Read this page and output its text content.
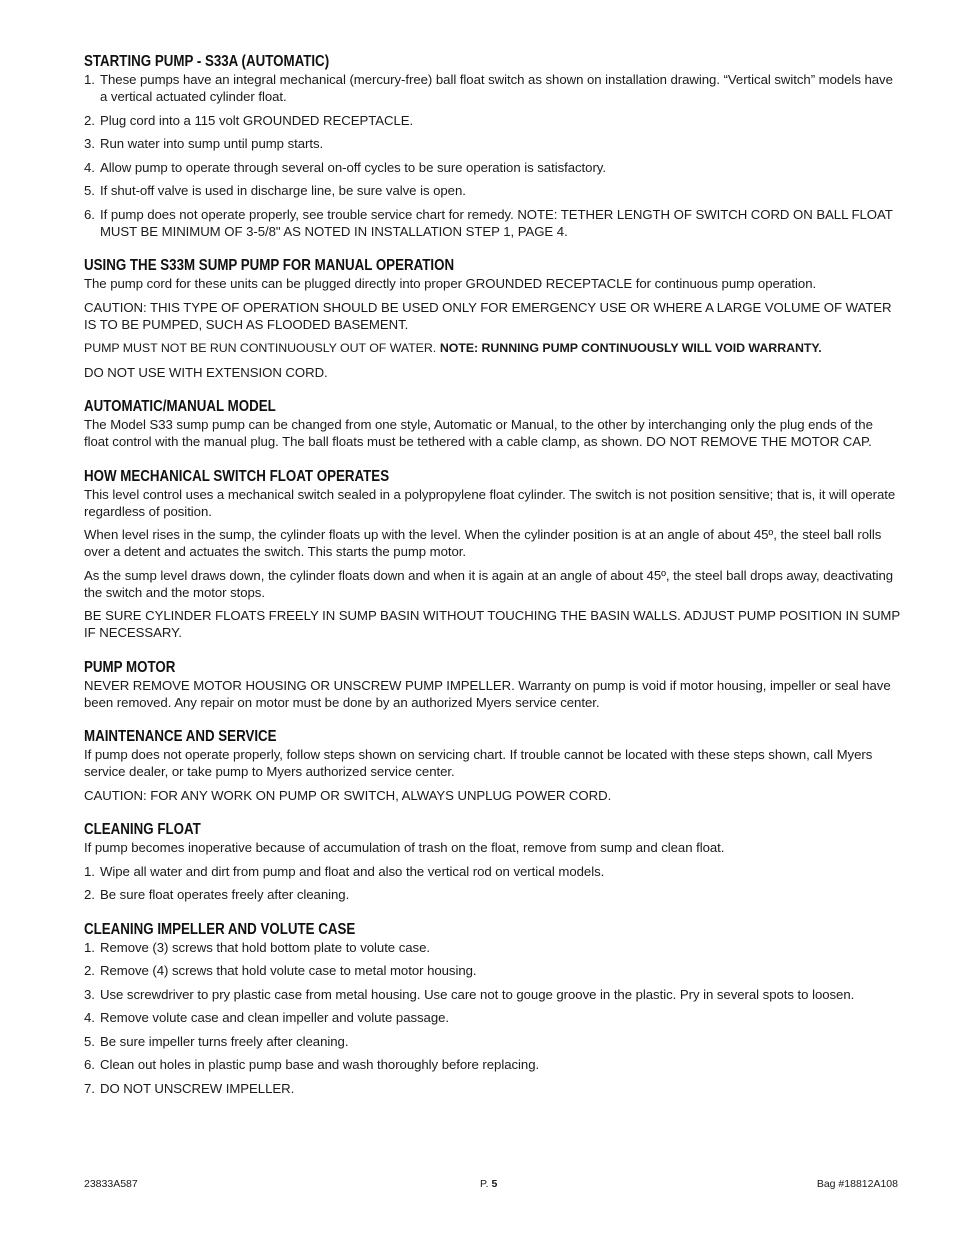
STARTING PUMP - S33A (AUTOMATIC)
1. These pumps have an integral mechanical (mercury-free) ball float switch as shown on installation drawing. “Vertical switch” models have a vertical actuated cylinder float.
2. Plug cord into a 115 volt GROUNDED RECEPTACLE.
3. Run water into sump until pump starts.
4. Allow pump to operate through several on-off cycles to be sure operation is satisfactory.
5. If shut-off valve is used in discharge line, be sure valve is open.
6. If pump does not operate properly, see trouble service chart for remedy. NOTE: TETHER LENGTH OF SWITCH CORD ON BALL FLOAT MUST BE MINIMUM OF 3-5/8" AS NOTED IN INSTALLATION STEP 1, PAGE 4.
USING THE S33M SUMP PUMP FOR MANUAL OPERATION

The pump cord for these units can be plugged directly into proper GROUNDED RECEPTACLE for continuous pump operation.

CAUTION: THIS TYPE OF OPERATION SHOULD BE USED ONLY FOR EMERGENCY USE OR WHERE A LARGE VOLUME OF WATER IS TO BE PUMPED, SUCH AS FLOODED BASEMENT.

PUMP MUST NOT BE RUN CONTINUOUSLY OUT OF WATER. NOTE: RUNNING PUMP CONTINUOUSLY WILL VOID WARRANTY.

DO NOT USE WITH EXTENSION CORD.

AUTOMATIC/MANUAL MODEL

The Model S33 sump pump can be changed from one style, Automatic or Manual, to the other by interchanging only the plug ends of the float control with the manual plug. The ball floats must be tethered with a cable clamp, as shown. DO NOT REMOVE THE MOTOR CAP.

HOW MECHANICAL SWITCH FLOAT OPERATES

This level control uses a mechanical switch sealed in a polypropylene float cylinder. The switch is not position sensitive; that is, it will operate regardless of position.

When level rises in the sump, the cylinder floats up with the level. When the cylinder position is at an angle of about 45º, the steel ball rolls over a detent and actuates the switch. This starts the pump motor.

As the sump level draws down, the cylinder floats down and when it is again at an angle of about 45º, the steel ball drops away, deactivating the switch and the motor stops.

BE SURE CYLINDER FLOATS FREELY IN SUMP BASIN WITHOUT TOUCHING THE BASIN WALLS. ADJUST PUMP POSITION IN SUMP IF NECESSARY.

PUMP MOTOR

NEVER REMOVE MOTOR HOUSING OR UNSCREW PUMP IMPELLER. Warranty on pump is void if motor housing, impeller or seal have been removed. Any repair on motor must be done by an authorized Myers service center.

MAINTENANCE AND SERVICE

If pump does not operate properly, follow steps shown on servicing chart. If trouble cannot be located with these steps shown, call Myers service dealer, or take pump to Myers authorized service center.

CAUTION: FOR ANY WORK ON PUMP OR SWITCH, ALWAYS UNPLUG POWER CORD.

CLEANING FLOAT

If pump becomes inoperative because of accumulation of trash on the float, remove from sump and clean float.

1. Wipe all water and dirt from pump and float and also the vertical rod on vertical models.
2. Be sure float operates freely after cleaning.
CLEANING IMPELLER AND VOLUTE CASE
1. Remove (3) screws that hold bottom plate to volute case.
2. Remove (4) screws that hold volute case to metal motor housing.
3. Use screwdriver to pry plastic case from metal housing. Use care not to gouge groove in the plastic. Pry in several spots to loosen.
4. Remove volute case and clean impeller and volute passage.
5. Be sure impeller turns freely after cleaning.
6. Clean out holes in plastic pump base and wash thoroughly before replacing.
7. DO NOT UNSCREW IMPELLER.
23833A587	P. 5	Bag #18812A108
